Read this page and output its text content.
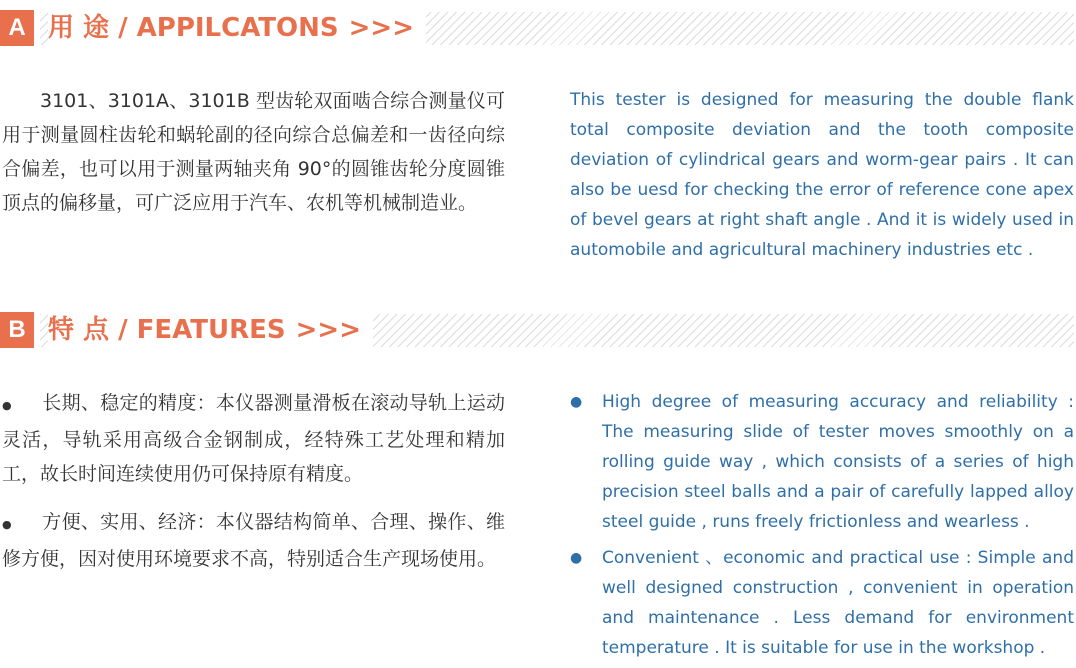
A 用 途 / APPILCATONS >>>

3101、3101A、3101B 型齿轮双面啮合综合测量仪可用于测量圆柱齿轮和蜗轮副的径向综合总偏差和一齿径向综合偏差，也可以用于测量两轴夹角 90°的圆锥齿轮分度圆锥顶点的偏移量，可广泛应用于汽车、农机等机械制造业。

This tester is designed for measuring the double flank total composite deviation and the tooth composite deviation of cylindrical gears and worm-gear pairs . It can also be uesd for checking the error of reference cone apex of bevel gears at right shaft angle . And it is widely used in automobile and agricultural machinery industries etc .

B 特 点 / FEATURES >>>

● 长期、稳定的精度：本仪器测量滑板在滚动导轨上运动灵活，导轨采用高级合金钢制成，经特殊工艺处理和精加工，故长时间连续使用仍可保持原有精度。

● 方便、实用、经济：本仪器结构简单、合理、操作、维修方便，因对使用环境要求不高，特别适合生产现场使用。

● High degree of measuring accuracy and reliability : The measuring slide of tester moves smoothly on a rolling guide way , which consists of a series of high precision steel balls and a pair of carefully lapped alloy steel guide , runs freely frictionless and wearless .
● Convenient 、economic and practical use : Simple and well designed construction , convenient in operation and maintenance . Less demand for environment temperature . It is suitable for use in the workshop .
